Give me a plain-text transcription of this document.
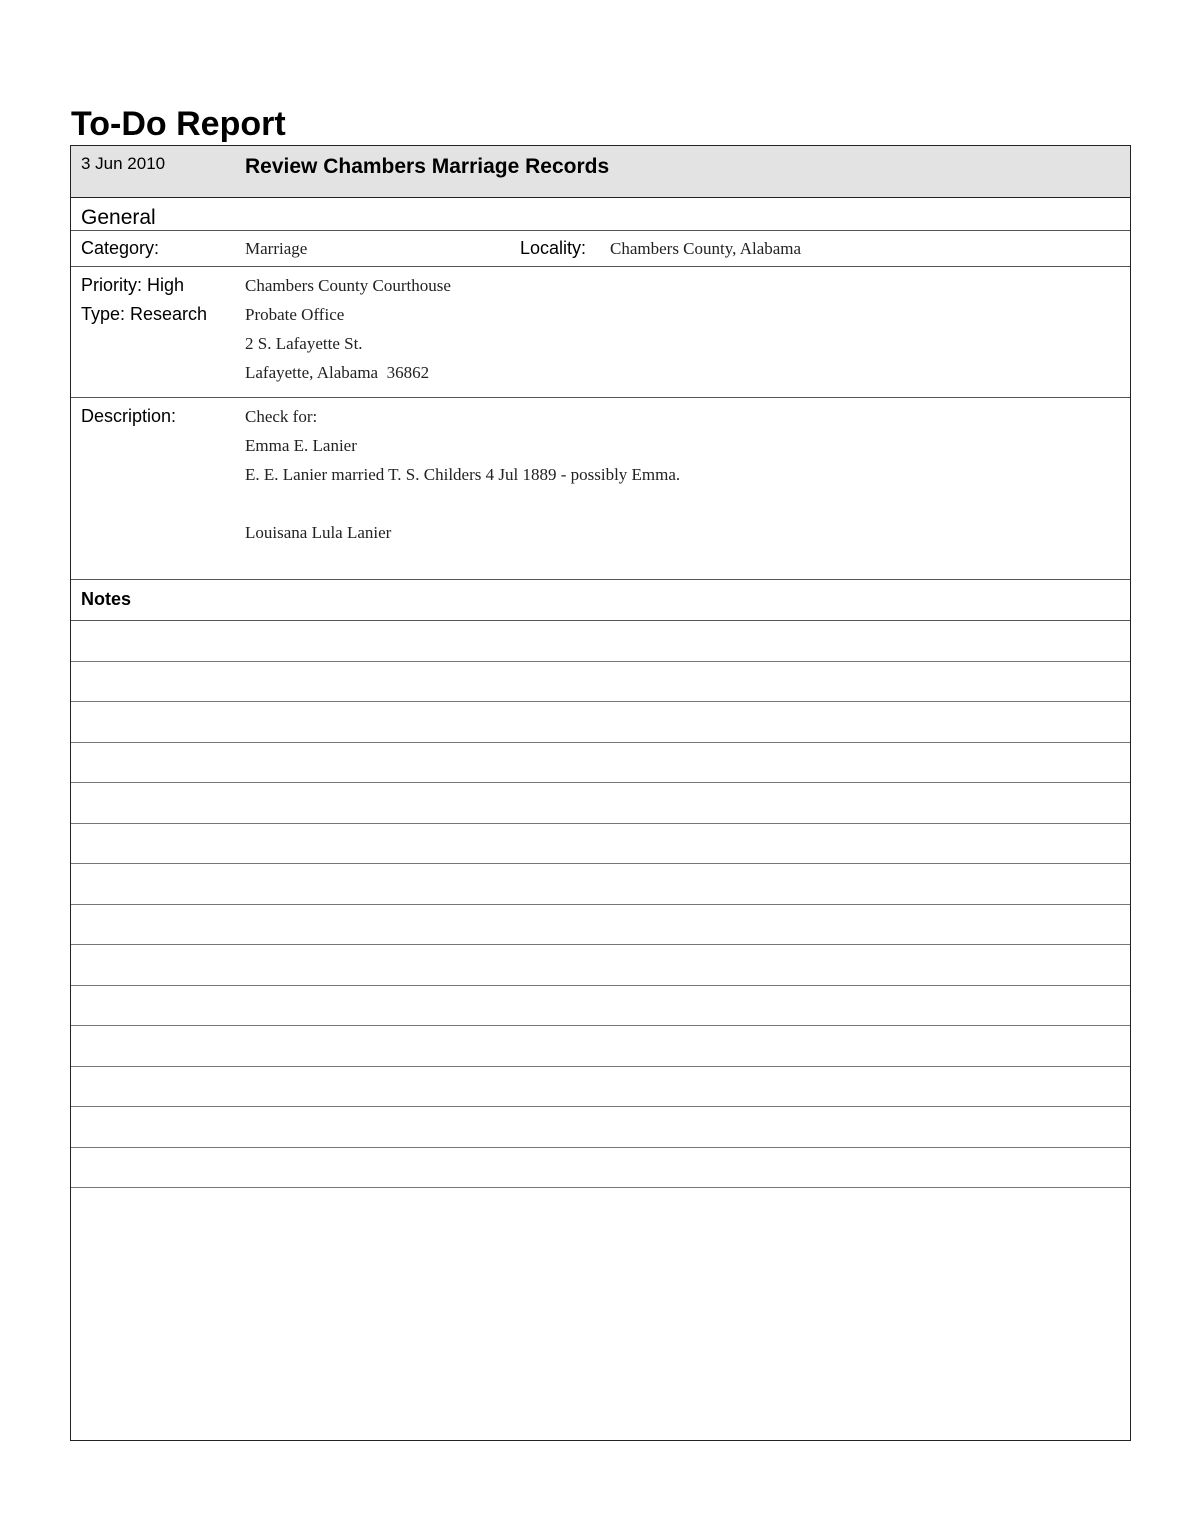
To-Do Report
3 Jun 2010	Review Chambers Marriage Records
General
Category:	Marriage	Locality: Chambers County, Alabama
Priority: High
Type: Research
Chambers County Courthouse
Probate Office
2 S. Lafayette St.
Lafayette, Alabama  36862
Description:	Check for:
Emma E. Lanier
E. E. Lanier married T. S. Childers 4 Jul 1889 - possibly Emma.
Louisana Lula Lanier
Notes
